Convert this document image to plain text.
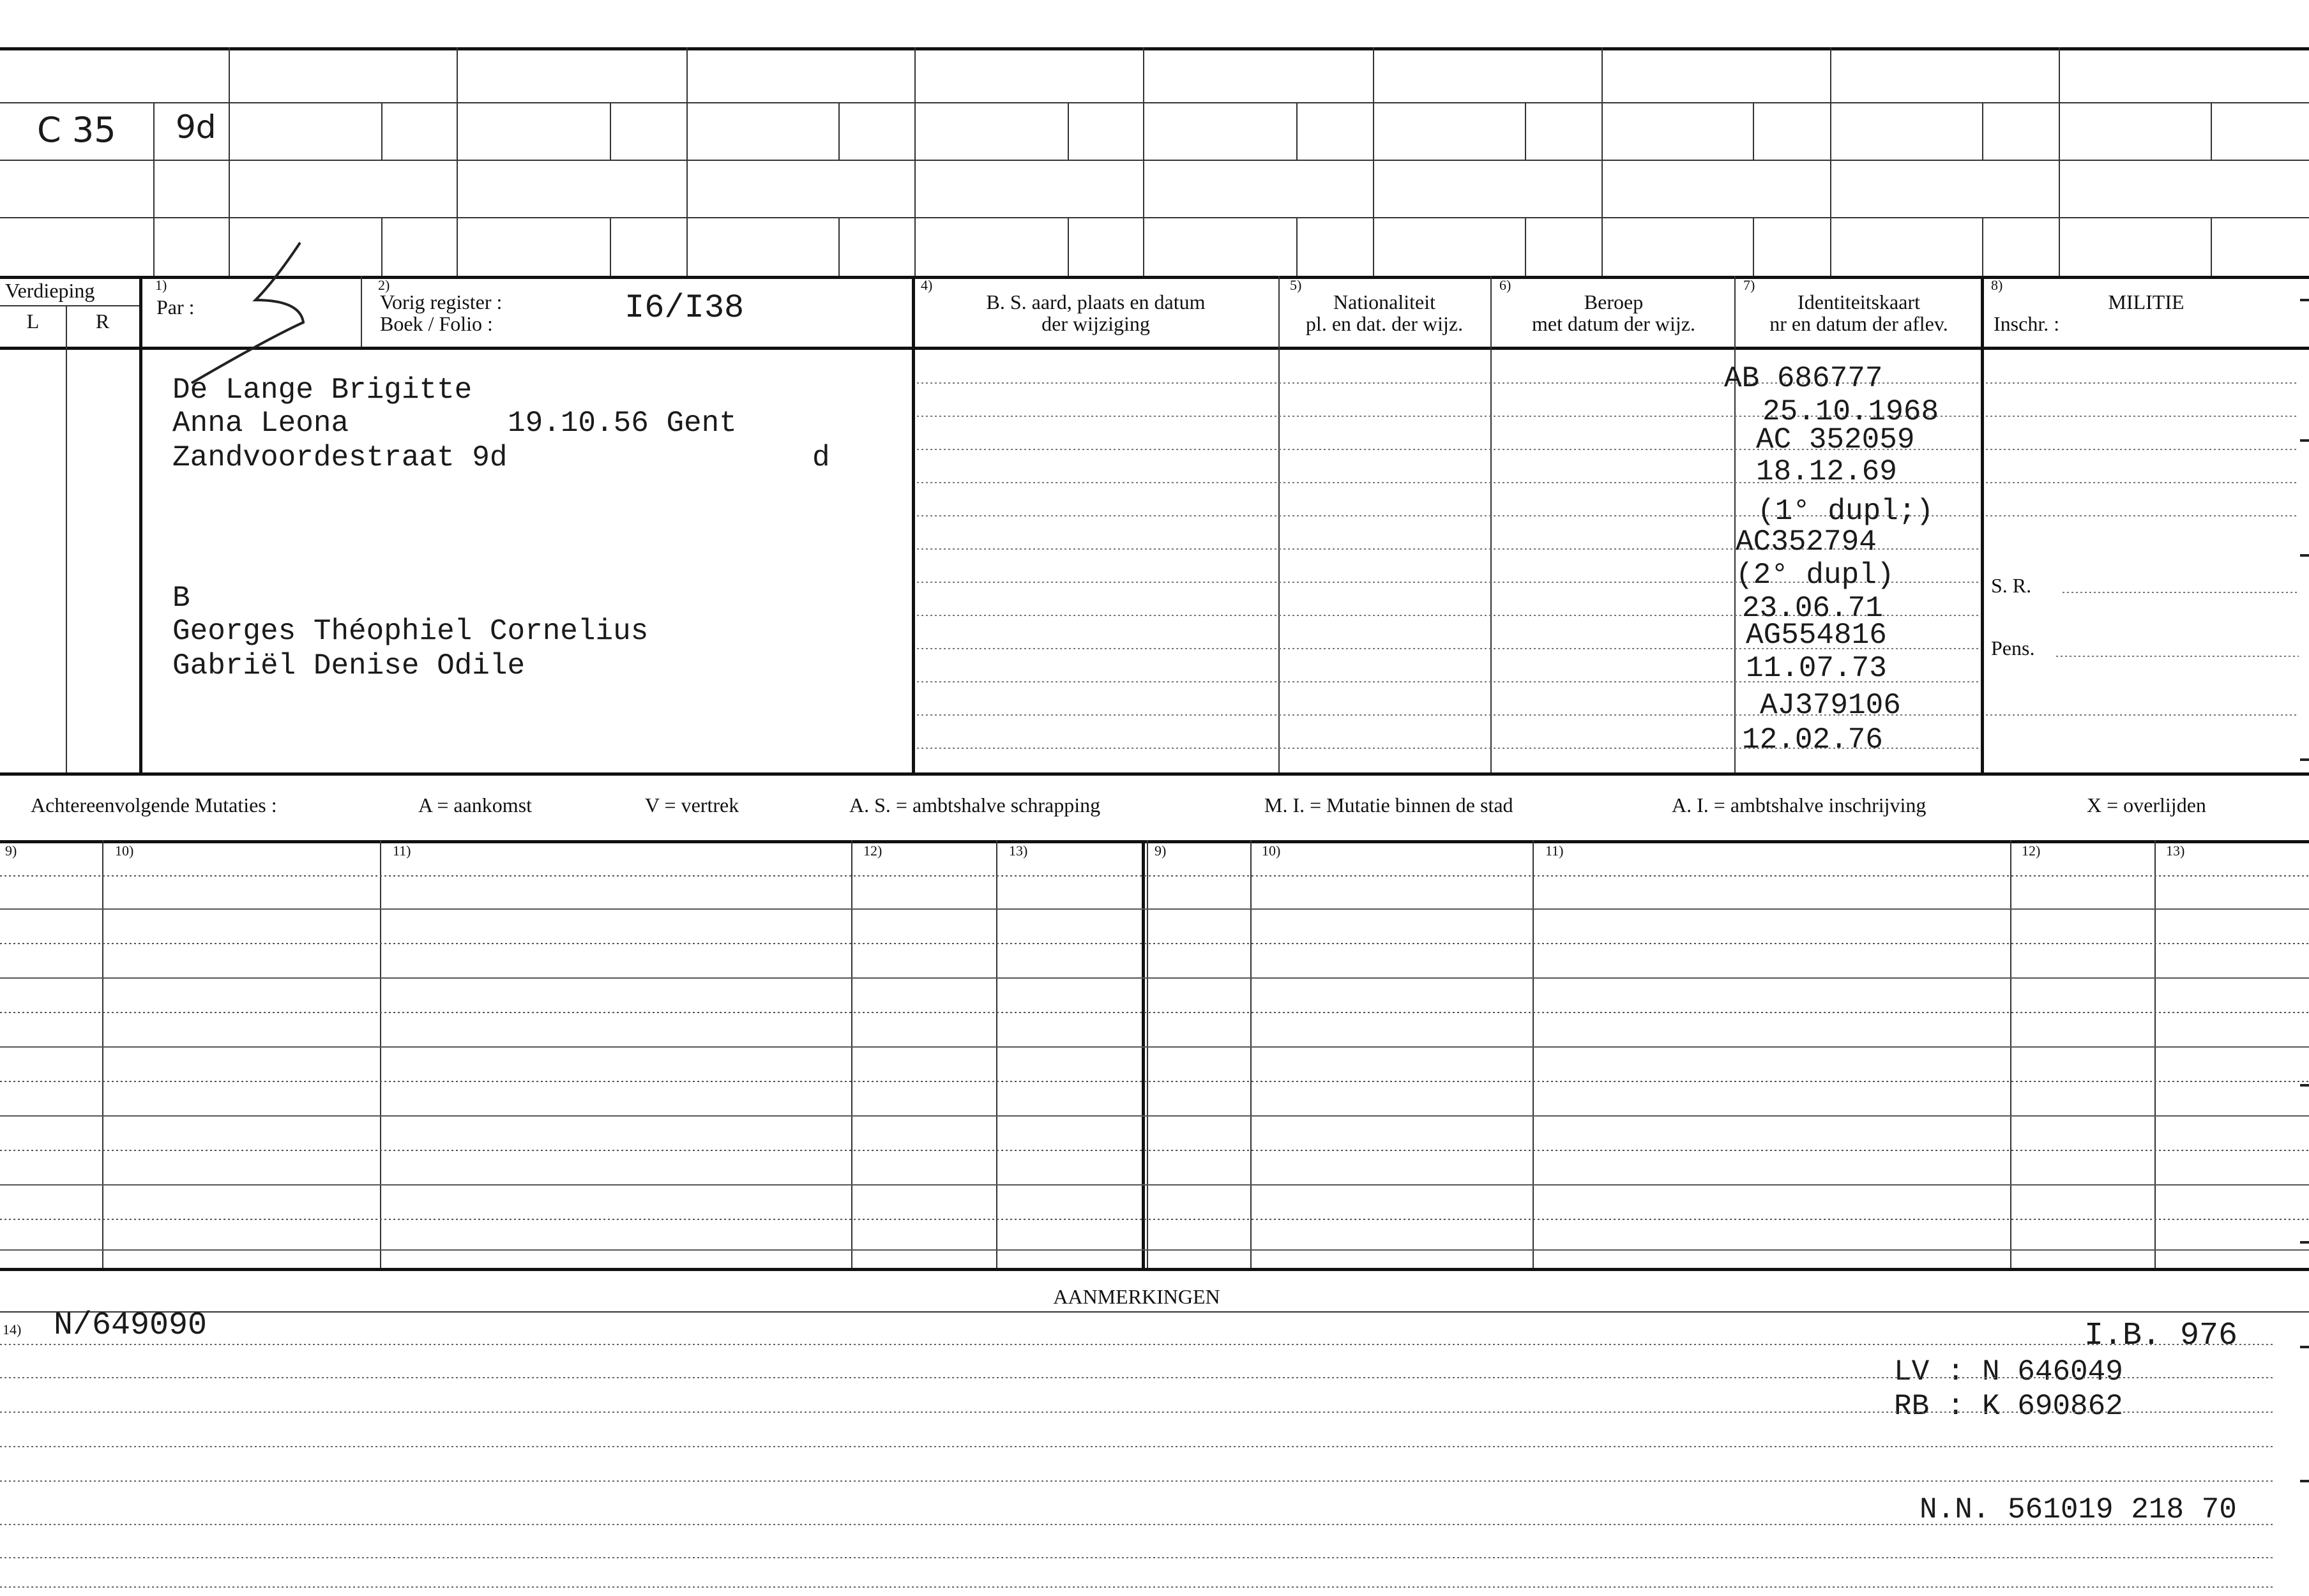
C 35 9d
Verdieping
L	R
1)
Par :
2)
Vorig register :
Boek / Folio :	I6/I38
4)
B. S. aard, plaats en datum
der wijziging
5)
Nationaliteit
pl. en dat. der wijz.
6)
Beroep
met datum der wijz.
7)
Identiteitskaart
nr en datum der aflev.
8)
MILITIE
Inschr. :
De Lange Brigitte
Anna Leona	19.10.56 Gent
Zandvoordestraat 9d	d
B
Georges Théophiel Cornelius
Gabriël Denise Odile
AB 686777
25.10.1968
AC 352059
18.12.69
(1° dupl;)
AC352794
(2° dupl)
23.06.71
AG554816
11.07.73
AJ379106
12.02.76
S. R.
Pens.
Achtereenvolgende Mutaties :	A = aankomst	V = vertrek	A. S. = ambtshalve schrapping	M. I. = Mutatie binnen de stad	A. I. = ambtshalve inschrijving	X = overlijden
9)	10)	11)	12)	13)	9)	10)	11)	12)	13)
AANMERKINGEN
14) N/649090	I.B. 976
LV : N 646049
RB : K 690862
N.N. 561019 218 70
